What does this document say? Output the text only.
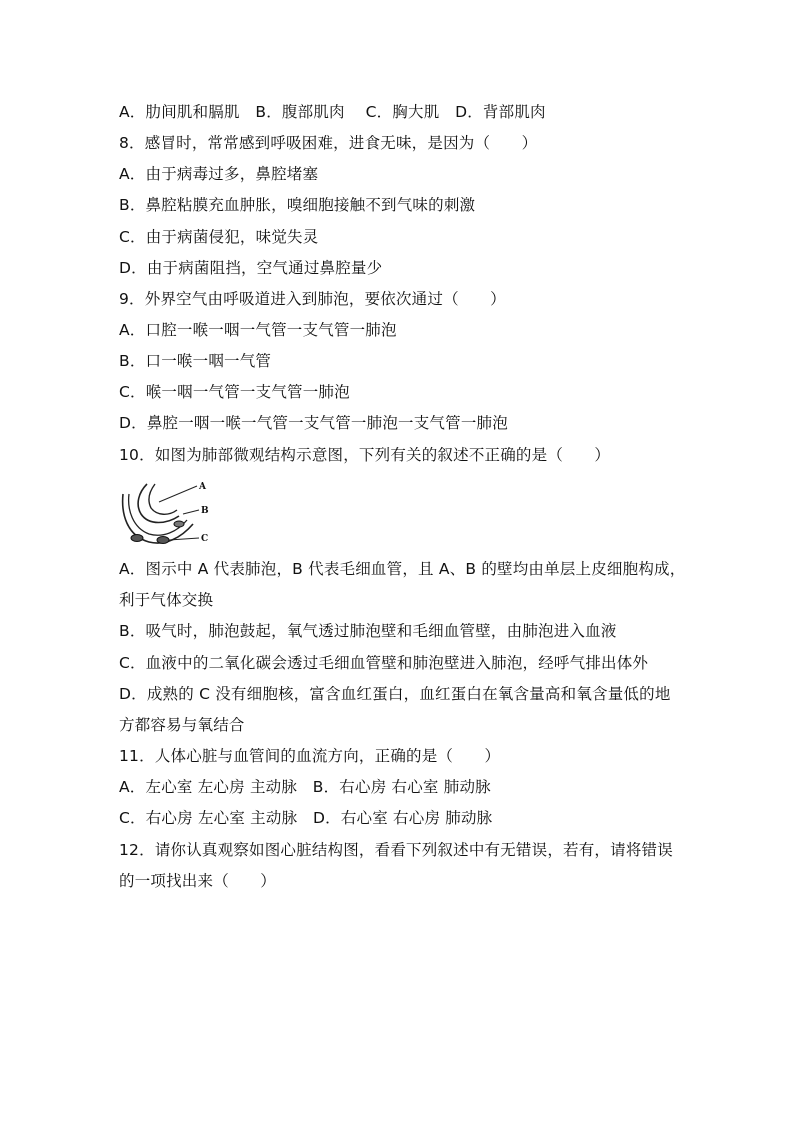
A．肋间肌和膈肌　B．腹部肌肉　 C．胸大肌　D．背部肌肉
8．感冒时，常常感到呼吸困难，进食无味，是因为（　　）
A．由于病毒过多，鼻腔堵塞
B．鼻腔粘膜充血肿胀，嗅细胞接触不到气味的刺激
C．由于病菌侵犯，味觉失灵
D．由于病菌阻挡，空气通过鼻腔量少
9．外界空气由呼吸道进入到肺泡，要依次通过（　　）
A．口腔一喉一咽一气管一支气管一肺泡
B．口一喉一咽一气管
C．喉一咽一气管一支气管一肺泡
D．鼻腔一咽一喉一气管一支气管一肺泡一支气管一肺泡
10．如图为肺部微观结构示意图，下列有关的叙述不正确的是（　　）
A
B
C
A．图示中 A 代表肺泡，B 代表毛细血管，且 A、B 的壁均由单层上皮细胞构成，
利于气体交换
B．吸气时，肺泡鼓起，氧气透过肺泡壁和毛细血管壁，由肺泡进入血液
C．血液中的二氧化碳会透过毛细血管壁和肺泡壁进入肺泡，经呼气排出体外
D．成熟的 C 没有细胞核，富含血红蛋白，血红蛋白在氧含量高和氧含量低的地
方都容易与氧结合
11．人体心脏与血管间的血流方向，正确的是（　　）
A．左心室 左心房 主动脉　B．右心房 右心室 肺动脉
C．右心房 左心室 主动脉　D．右心室 右心房 肺动脉
12．请你认真观察如图心脏结构图，看看下列叙述中有无错误，若有，请将错误
的一项找出来（　　）
